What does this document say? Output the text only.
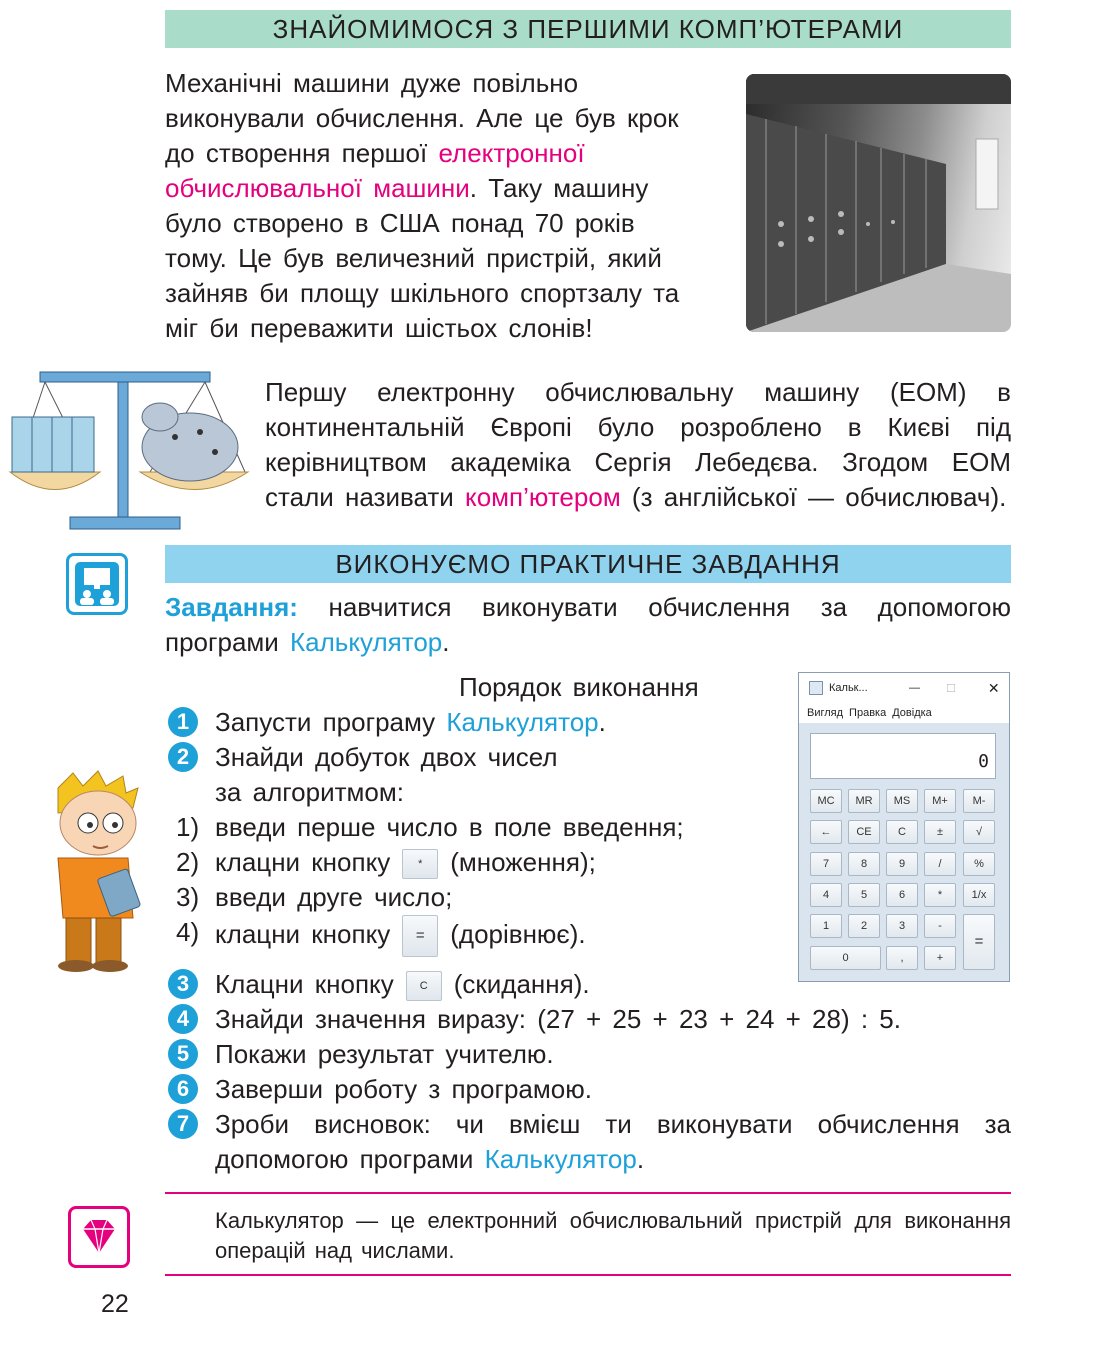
ЗНАЙОМИМОСЯ З ПЕРШИМИ КОМП’ЮТЕРАМИ
Механічні машини дуже повільно виконували обчислення. Але це був крок до створення першої електронної обчислювальної машини. Таку машину було створено в США понад 70 років тому. Це був величезний пристрій, який зайняв би площу шкільного спортзалу та міг би переважити шістьох слонів!
Першу електронну обчислювальну машину (ЕОМ) в континентальній Європі було розроблено в Києві під керівництвом академіка Сергія Лебедєва. Згодом ЕОМ стали називати комп’ютером (з англійської — обчислювач).
ВИКОНУЄМО ПРАКТИЧНЕ ЗАВДАННЯ
Завдання: навчитися виконувати обчислення за допомогою програми Калькулятор.
Порядок виконання
1 Запусти програму Калькулятор.
2 Знайди добуток двох чисел
за алгоритмом:
1) введи перше число в поле введення;
2) клацни кнопку	* (множення);
3) введи друге число;
4) клацни кнопку = (дорівнює).
3 Клацни кнопку C (скидання).
4 Знайди значення виразу: (27 + 25 + 23 + 24 + 28) : 5.
5 Покажи результат учителю.
6 Заверши роботу з програмою.
7 Зроби висновок: чи вмієш ти виконувати обчислення за допомогою програми Калькулятор.
Кальк...	— ☐ ✕
Вигляд Правка Довідка
0
MC	MR	MS	M+	M-
←	CE	C	±	√
7	8	9	/	%
4	5	6	*	1/x
1	2	3	-
=
0	,	+
Калькулятор — це електронний обчислювальний пристрій для виконання операцій над числами.
22
